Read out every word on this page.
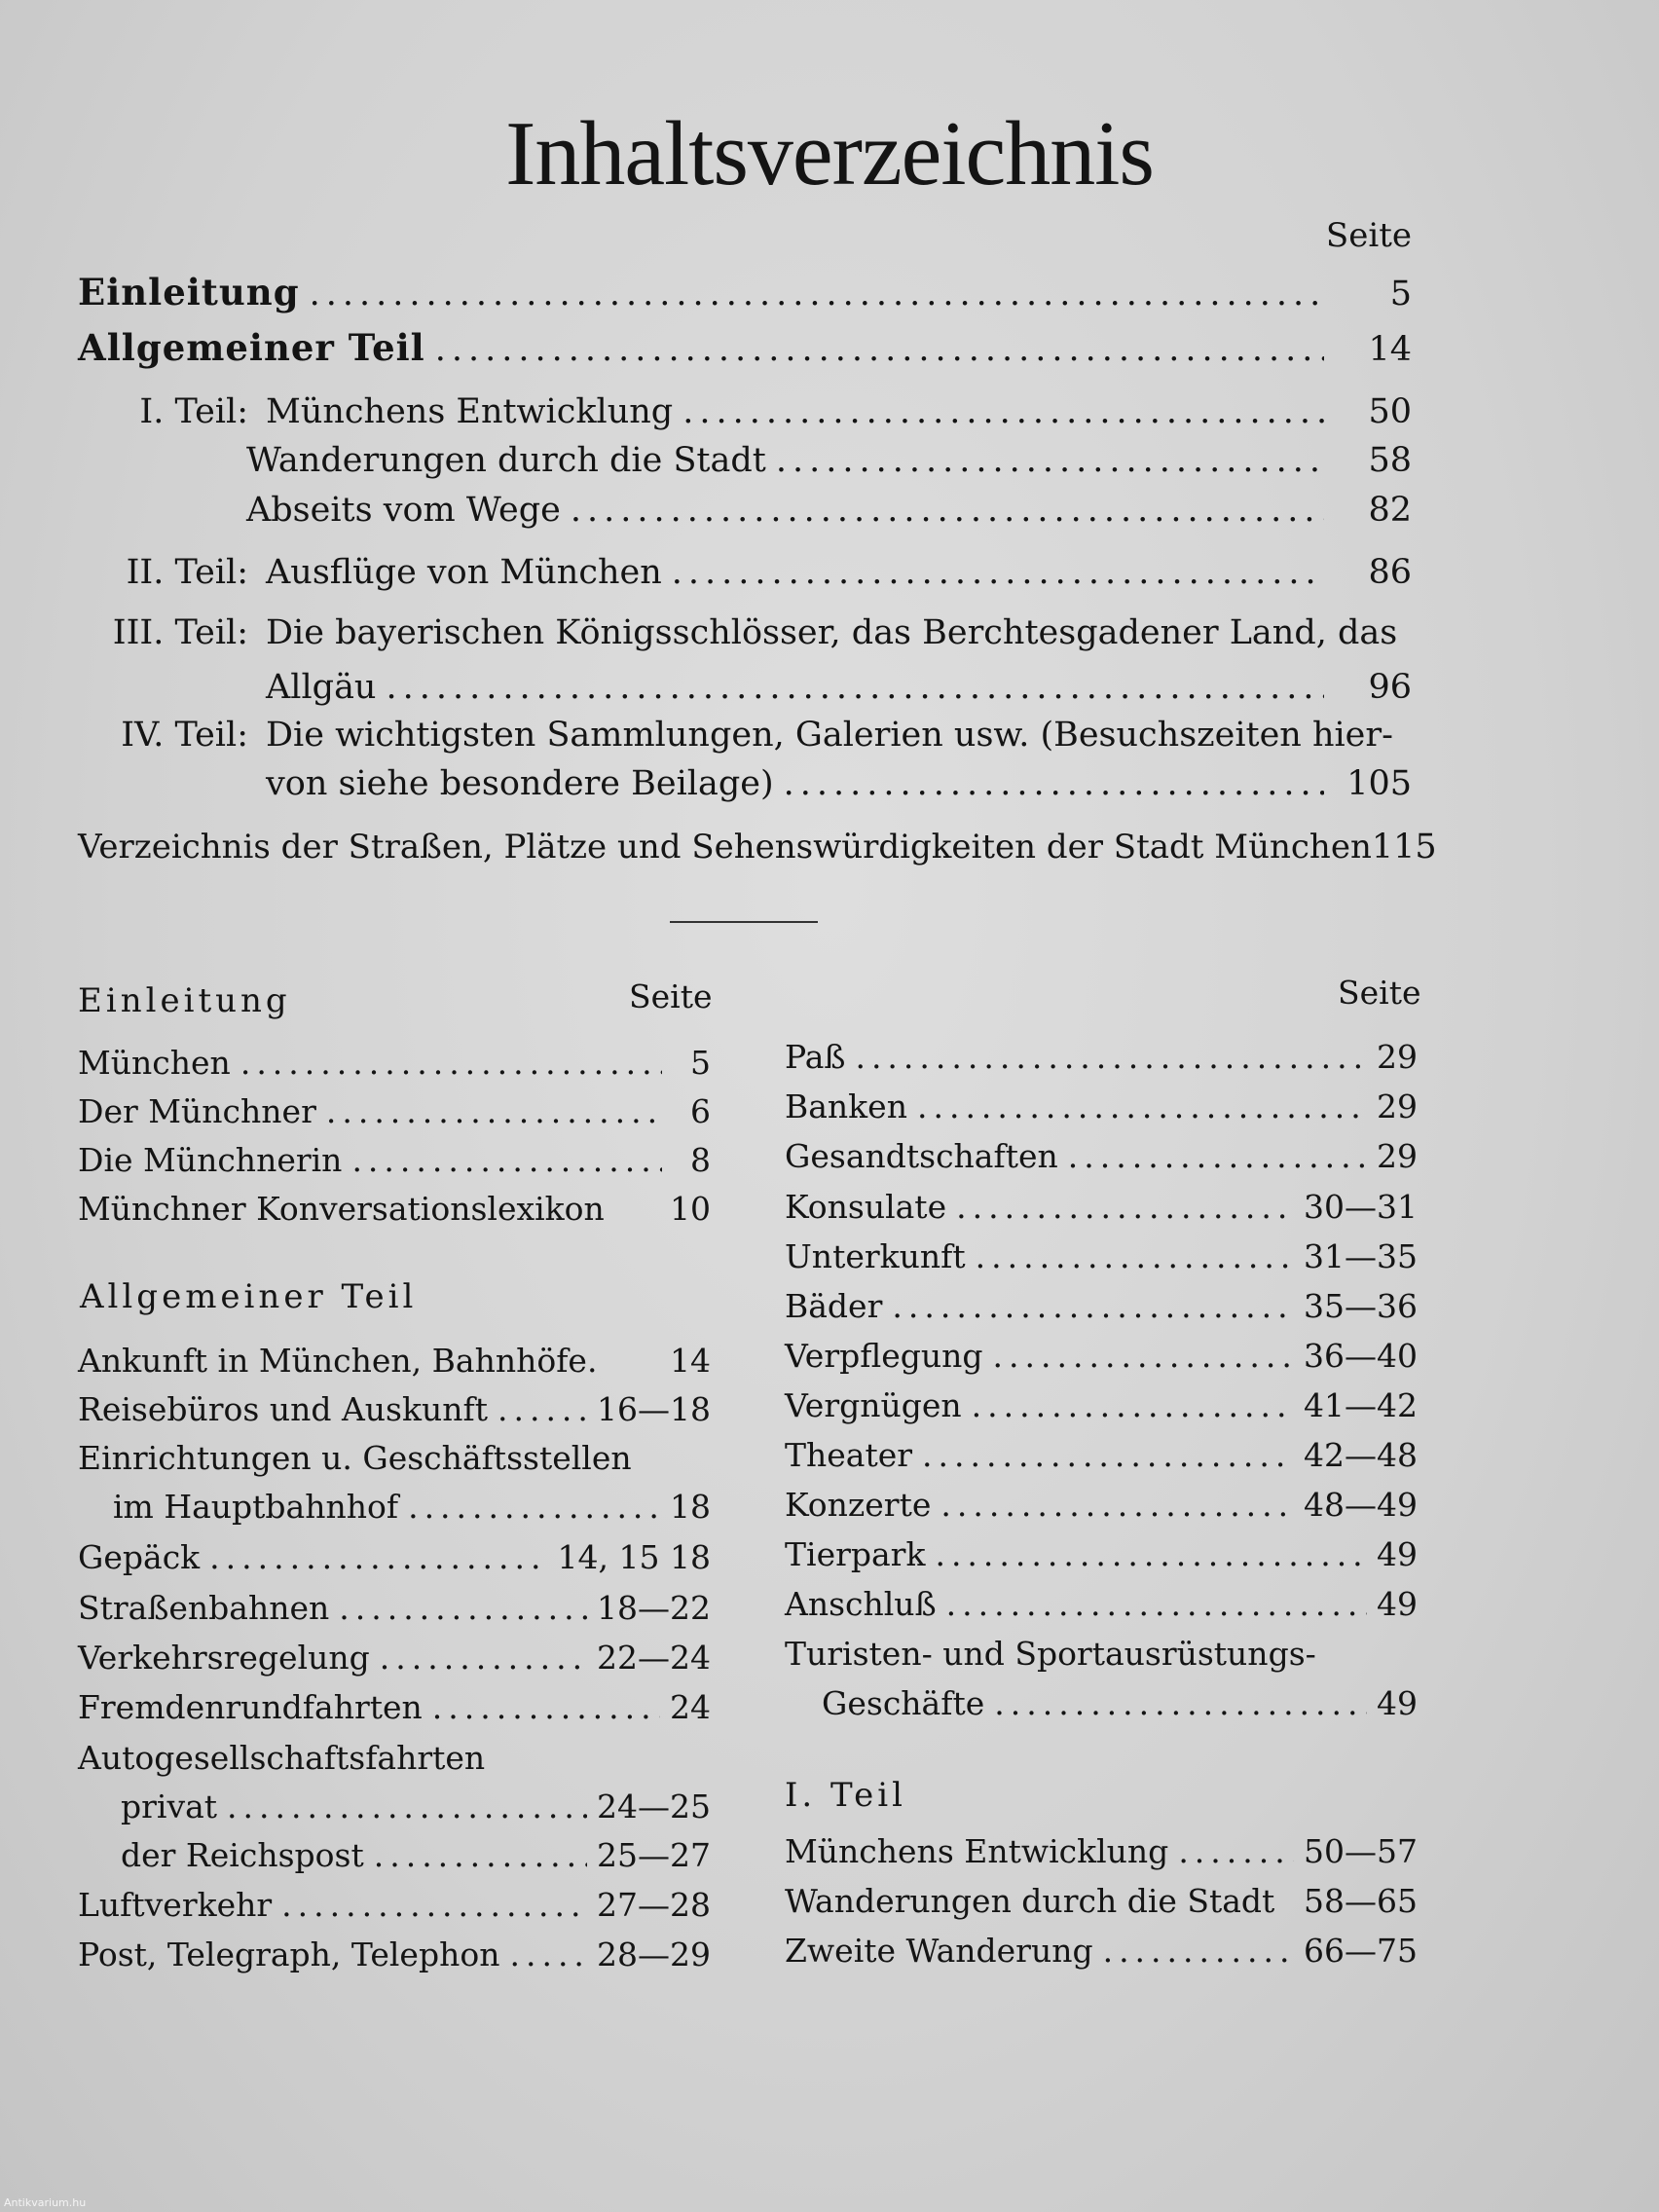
Inhaltsverzeichnis
Seite
Einleitung .....	5
Allgemeiner Teil .....	14
I. Teil: Münchens Entwicklung .....	50
Wanderungen durch die Stadt .....	58
Abseits vom Wege .....	82
II. Teil: Ausflüge von München .....	86
III. Teil: Die bayerischen Königsschlösser, das Berchtesgadener Land, das
Allgäu .....	96
IV. Teil: Die wichtigsten Sammlungen, Galerien usw. (Besuchszeiten hier-
von siehe besondere Beilage) .....	105
Verzeichnis der Straßen, Plätze und Sehenswürdigkeiten der Stadt München 115
Einleitung	Seite
München .....	5
Der Münchner .....	6
Die Münchnerin .....	8
Münchner Konversationslexikon 10
Allgemeiner Teil
Ankunft in München, Bahnhöfe. 14
Reisebüros und Auskunft .....	16—18
Einrichtungen u. Geschäftsstellen
im Hauptbahnhof .....	18
Gepäck .....	14, 15 18
Straßenbahnen .....	18—22
Verkehrsregelung .....	22—24
Fremdenrundfahrten .....	24
Autogesellschaftsfahrten
privat .....	24—25
der Reichspost .....	25—27
Luftverkehr .....	27—28
Post, Telegraph, Telephon .....	28—29
Seite
Paß .....	29
Banken .....	29
Gesandtschaften .....	29
Konsulate .....	30—31
Unterkunft .....	31—35
Bäder .....	35—36
Verpflegung .....	36—40
Vergnügen .....	41—42
Theater .....	42—48
Konzerte .....	48—49
Tierpark .....	49
Anschluß .....	49
Turisten- und Sportausrüstungs-
Geschäfte .....	49
I. Teil
Münchens Entwicklung .....	50—57
Wanderungen durch die Stadt 58—65
Zweite Wanderung .....	66—75
Antikvarium.hu
